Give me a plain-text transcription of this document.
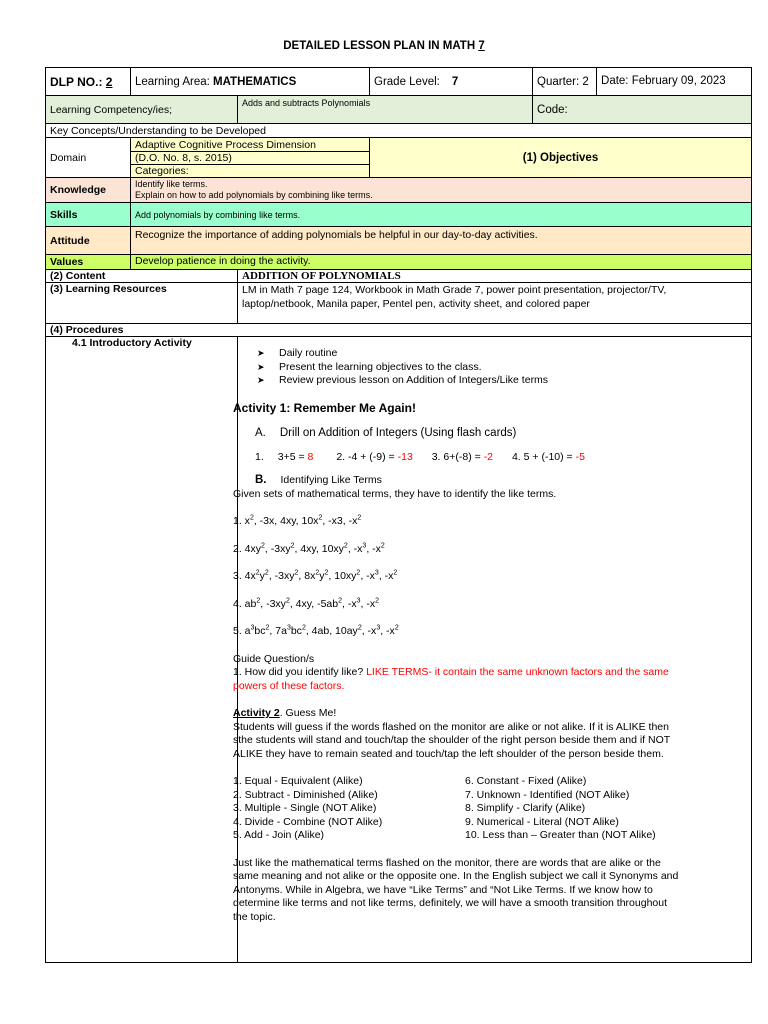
DETAILED LESSON PLAN IN MATH 7
DLP NO.: 2	Learning Area: MATHEMATICS		Grade Level: 7	Quarter: 2	Date: February 09, 2023
Learning Competency/ies;		Adds and subtracts Polynomials		Code:	
Key Concepts/Understanding to be Developed					
Domain	Adaptive Cognitive Process Dimension		(1) Objectives		
	(D.O. No. 8, s. 2015)				
	Categories:				
Knowledge	Identify like terms.
Explain on how to add polynomials by combining like terms.				

Skills	Add polynomials by combining like terms.				
Attitude	Recognize the importance of adding polynomials be helpful in our day-to-day activities.				
Values	Develop patience in doing the activity.				
(2) Content		ADDITION OF POLYNOMIALS			
(3) Learning Resources		LM in Math 7 page 124, Workbook in Math Grade 7, power point presentation, projector/TV,
laptop/netbook, Manila paper, Pentel pen, activity sheet, and colored paper			

(4) Procedures					
4.1 Introductory Activity					
➤ Daily routine
➤ Present the learning objectives to the class.
➤ Review previous lesson on Addition of Integers/Like terms

Activity 1: Remember Me Again!

A. Drill on Addition of Integers (Using flash cards)

1. 3+5 = 8 2. -4 + (-9) = -13 3. 6+(-8) = -2 4. 5 + (-10) = -5

B. Identifying Like Terms

Given sets of mathematical terms, they have to identify the like terms.

1. $x^2$, -3x, 4xy, $10x^2$, -x3, $-x^2$

2. $4xy^2$, $-3xy^2$, 4xy, $10xy^2$, $-x^3$, $-x^2$

3. $4x^2y^2$, $-3xy^2$, $8x^2y^2$, $10xy^2$, $-x^3$, $-x^2$

4. $ab^2$, $-3xy^2$, 4xy, $-5ab^2$, $-x^3$, $-x^2$

5. $a^3bc^2$, $7a^3bc^2$, 4ab, $10ay^2$, $-x^3$, $-x^2$

Guide Question/s

1. How did you identify like? LIKE TERMS- it contain the same unknown factors and the same

powers of these factors.

Activity 2. Guess Me!

Students will guess if the words flashed on the monitor are alike or not alike. If it is ALIKE then
sthe students will stand and touch/tap the shoulder of the right person beside them and if NOT
ALIKE they have to remain seated and touch/tap the left shoulder of the person beside them.

1. Equal - Equivalent (Alike)
2. Subtract - Diminished (Alike)
3. Multiple - Single (NOT Alike)
4. Divide - Combine (NOT Alike)
5. Add - Join (Alike)
6. Constant - Fixed (Alike)
7. Unknown - Identified (NOT Alike)
8. Simplify - Clarify (Alike)
9. Numerical - Literal (NOT Alike)
10. Less than – Greater than (NOT Alike)

Just like the mathematical terms flashed on the monitor, there are words that are alike or the
same meaning and not alike or the opposite one. In the English subject we call it Synonyms and
Antonyms. While in Algebra, we have “Like Terms” and “Not Like Terms. If we know how to
determine like terms and not like terms, definitely, we will have a smooth transition throughout
the topic.
